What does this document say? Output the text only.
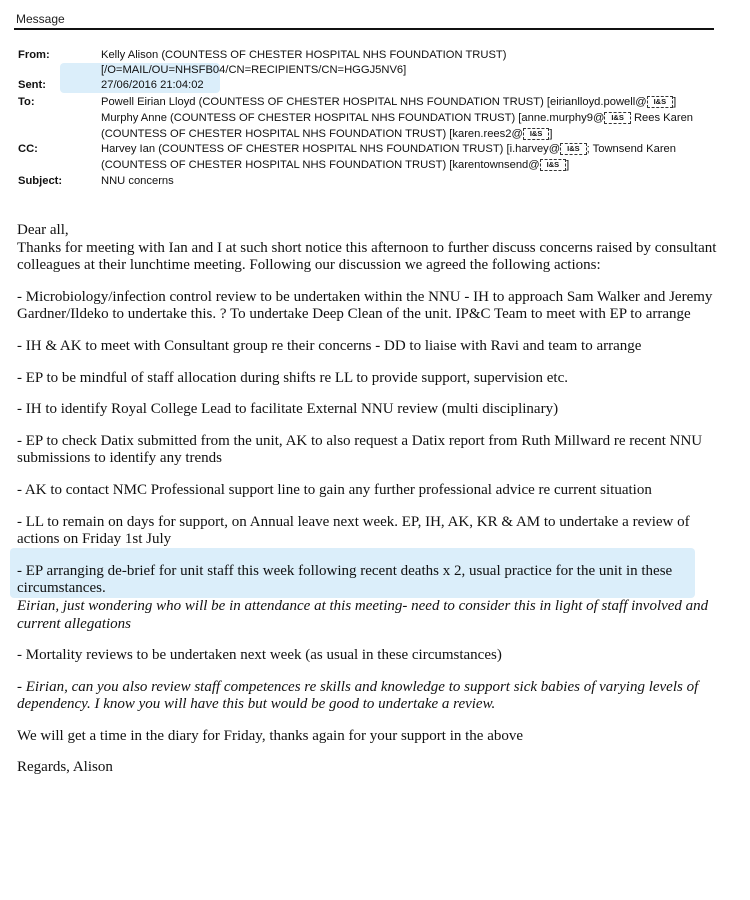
Message
From:	Kelly Alison (COUNTESS OF CHESTER HOSPITAL NHS FOUNDATION TRUST)
[/O=MAIL/OU=NHSFB04/CN=RECIPIENTS/CN=HGGJ5NV6]
Sent:	27/06/2016 21:04:02
To:	Powell Eirian Lloyd (COUNTESS OF CHESTER HOSPITAL NHS FOUNDATION TRUST) [eirianlloyd.powell@ I&S ]
Murphy Anne (COUNTESS OF CHESTER HOSPITAL NHS FOUNDATION TRUST) [anne.murphy9@ I&S Rees Karen
(COUNTESS OF CHESTER HOSPITAL NHS FOUNDATION TRUST) [karen.rees2@ I&S ]
CC:	Harvey Ian (COUNTESS OF CHESTER HOSPITAL NHS FOUNDATION TRUST) [i.harvey@ I&S ; Townsend Karen
(COUNTESS OF CHESTER HOSPITAL NHS FOUNDATION TRUST) [karentownsend@ I&S ]
Subject:	NNU concerns

Dear all,

Thanks for meeting with Ian and I at such short notice this afternoon to further discuss concerns raised by consultant colleagues at their lunchtime meeting. Following our discussion we agreed the following actions:

- Microbiology/infection control review to be undertaken within the NNU - IH to approach Sam Walker and Jeremy Gardner/Ildeko to undertake this. ? To undertake Deep Clean of the unit. IP&C Team to meet with EP to arrange

- IH & AK to meet with Consultant group re their concerns - DD to liaise with Ravi and team to arrange

- EP to be mindful of staff allocation during shifts re LL to provide support, supervision etc.

- IH to identify Royal College Lead to facilitate External NNU review (multi disciplinary)

- EP to check Datix submitted from the unit, AK to also request a Datix report from Ruth Millward re recent NNU submissions to identify any trends

- AK to contact NMC Professional support line to gain any further professional advice re current situation

- LL to remain on days for support, on Annual leave next week. EP, IH, AK, KR & AM to undertake a review of actions on Friday 1st July

- EP arranging de-brief for unit staff this week following recent deaths x 2, usual practice for the unit in these circumstances.

Eirian, just wondering who will be in attendance at this meeting- need to consider this in light of staff involved and current allegations

- Mortality reviews to be undertaken next week (as usual in these circumstances)

- Eirian, can you also review staff competences re skills and knowledge to support sick babies of varying levels of dependency. I know you will have this but would be good to undertake a review.

We will get a time in the diary for Friday, thanks again for your support in the above

Regards, Alison
